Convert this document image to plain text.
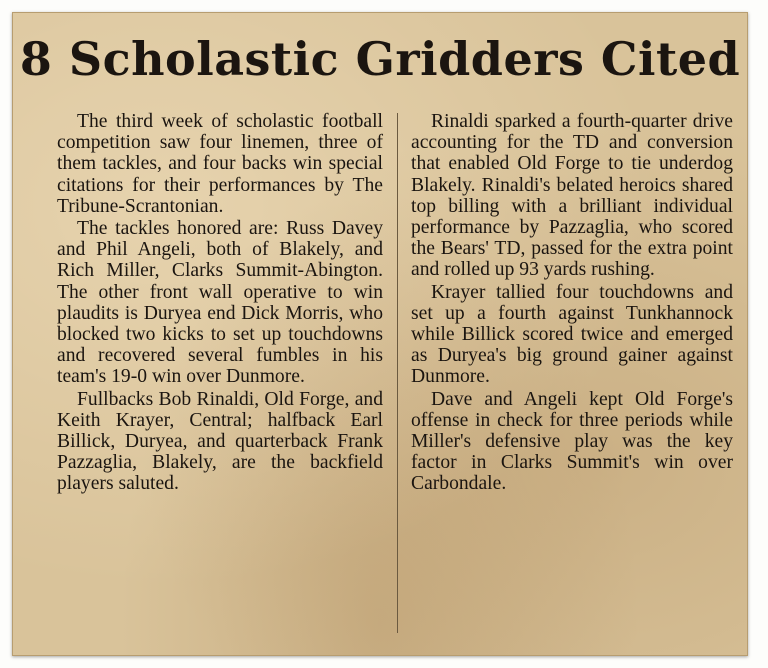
8 Scholastic Gridders Cited

The third week of scholastic football competition saw four linemen, three of them tackles, and four backs win special citations for their performances by The Tribune-Scrantonian.

The tackles honored are: Russ Davey and Phil Angeli, both of Blakely, and Rich Miller, Clarks Summit-Abington. The other front wall operative to win plaudits is Duryea end Dick Morris, who blocked two kicks to set up touchdowns and recovered several fumbles in his team's 19-0 win over Dunmore.

Fullbacks Bob Rinaldi, Old Forge, and Keith Krayer, Central; halfback Earl Billick, Duryea, and quarterback Frank Pazzaglia, Blakely, are the backfield players saluted.

Rinaldi sparked a fourth-quarter drive accounting for the TD and conversion that enabled Old Forge to tie underdog Blakely. Rinaldi's belated heroics shared top billing with a brilliant individual performance by Pazzaglia, who scored the Bears' TD, passed for the extra point and rolled up 93 yards rushing.

Krayer tallied four touchdowns and set up a fourth against Tunkhannock while Billick scored twice and emerged as Duryea's big ground gainer against Dunmore.

Dave and Angeli kept Old Forge's offense in check for three periods while Miller's defensive play was the key factor in Clarks Summit's win over Carbondale.
